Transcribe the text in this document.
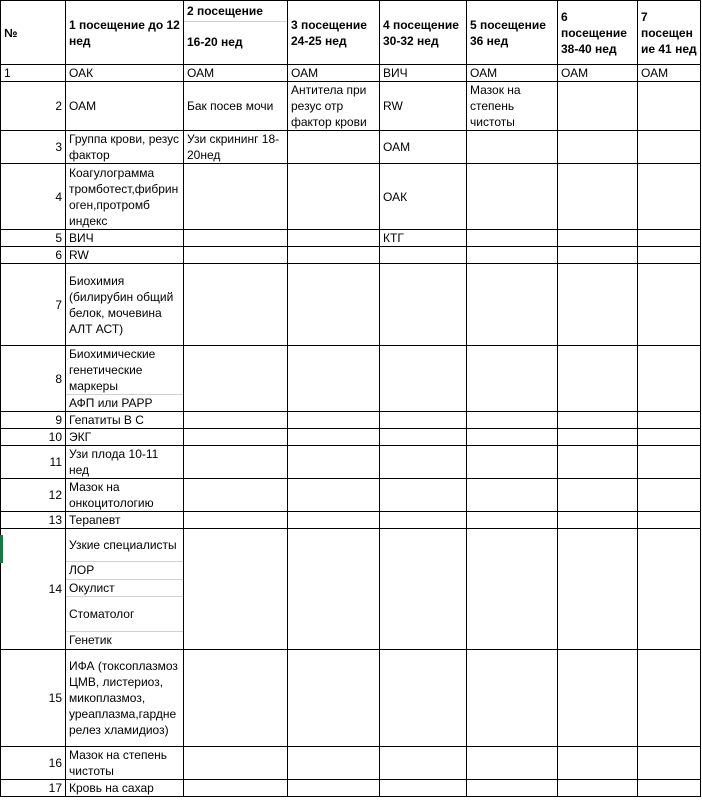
№	1 посещение до 12 нед	2 посещение
16-20 нед	3 посещение 24-25 нед	4 посещение 30-32 нед	5 посещение 36 нед	6 посещение 38-40 нед	7 посещен ие 41 нед
1	ОАК	ОАМ	ОАМ	ВИЧ	ОАМ	ОАМ	ОАМ
2	ОАМ	Бак посев мочи	Антитела при резус отр фактор крови	RW	Мазок на степень чистоты		
3	Группа крови, резус фактор	Узи скрининг 18-20нед		ОАМ			
4	Коагулограмма тромботест,фибриноген,протромб индекс			ОАК			
5	ВИЧ			КТГ			
6	RW						
7	Биохимия (билирубин общий белок, мочевина АЛТ АСТ)						
8	Биохимические генетические маркеры
АФП или PAPP						

9	Гепатиты В С						
10	ЭКГ						
11	Узи плода 10-11 нед						
12	Мазок на онкоцитологию						
13	Терапевт						
14	Узкие специалисты
ЛОР
Окулист
Стоматолог
Генетик						

15	ИФА (токсоплазмоз ЦМВ, листериоз, микоплазмоз, уреаплазма,гарднерелез хламидиоз)						
16	Мазок на степень чистоты						
17	Кровь на сахар						
